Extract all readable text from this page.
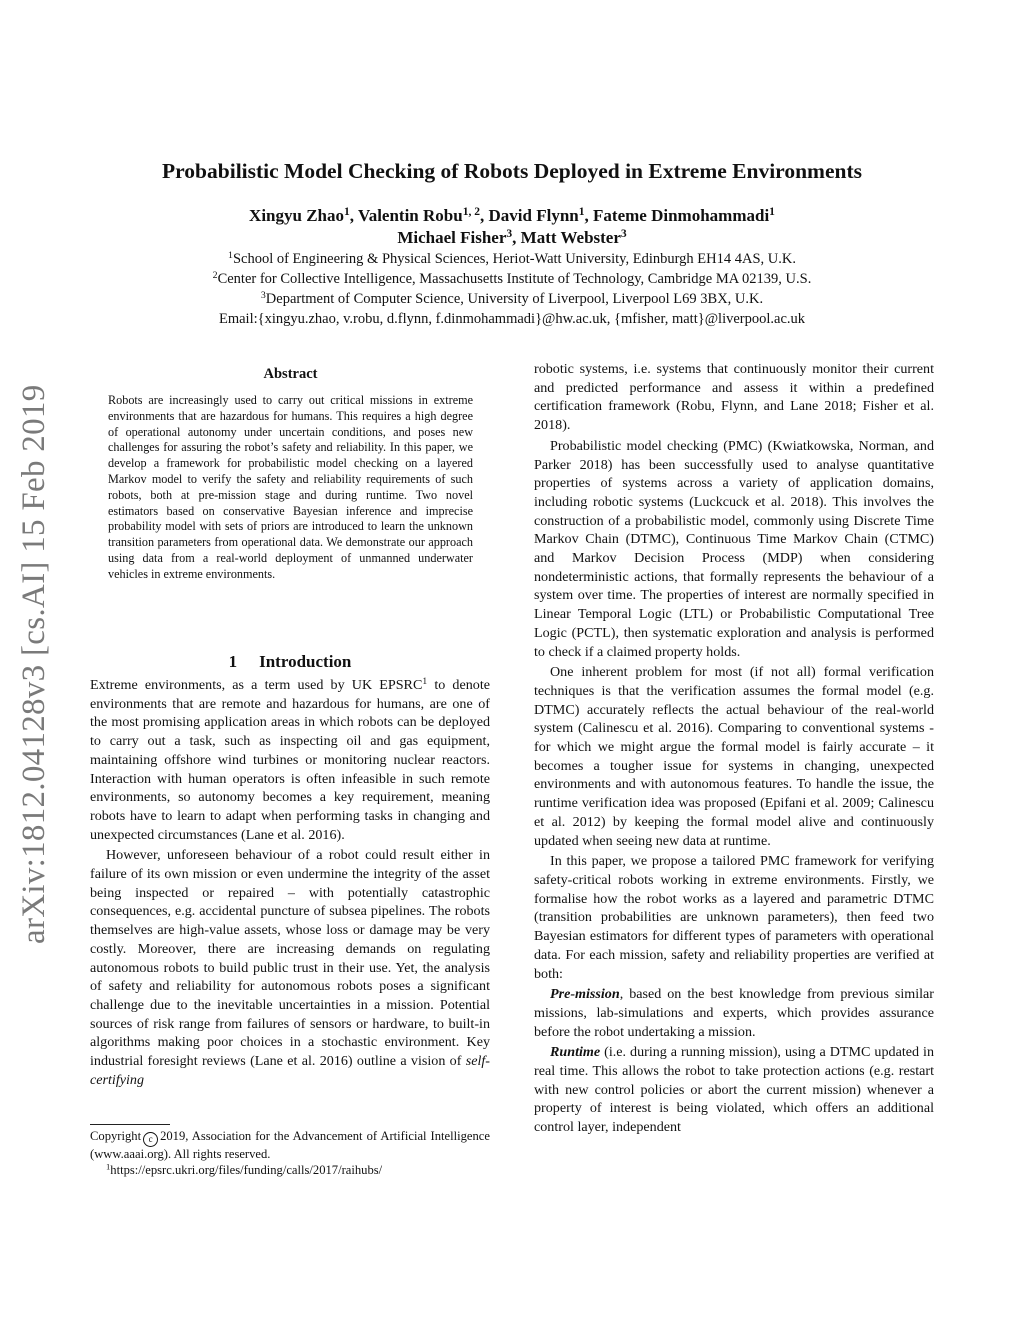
arXiv:1812.04128v3 [cs.AI] 15 Feb 2019
Probabilistic Model Checking of Robots Deployed in Extreme Environments
Xingyu Zhao$^1$, Valentin Robu$^{1, 2}$, David Flynn$^1$, Fateme Dinmohammadi$^1$
Michael Fisher$^3$, Matt Webster$^3$
$^1$School of Engineering & Physical Sciences, Heriot-Watt University, Edinburgh EH14 4AS, U.K.
$^2$Center for Collective Intelligence, Massachusetts Institute of Technology, Cambridge MA 02139, U.S.
$^3$Department of Computer Science, University of Liverpool, Liverpool L69 3BX, U.K.
Email:{xingyu.zhao, v.robu, d.flynn, f.dinmohammadi}@hw.ac.uk, {mfisher, matt}@liverpool.ac.uk
Abstract
Robots are increasingly used to carry out critical missions in extreme environments that are hazardous for humans. This requires a high degree of operational autonomy under uncertain conditions, and poses new challenges for assuring the robot’s safety and reliability. In this paper, we develop a framework for probabilistic model checking on a layered Markov model to verify the safety and reliability requirements of such robots, both at pre-mission stage and during runtime. Two novel estimators based on conservative Bayesian inference and imprecise probability model with sets of priors are introduced to learn the unknown transition parameters from operational data. We demonstrate our approach using data from a real-world deployment of unmanned underwater vehicles in extreme environments.
1 Introduction

Extreme environments, as a term used by UK EPSRC$^1$ to denote environments that are remote and hazardous for humans, are one of the most promising application areas in which robots can be deployed to carry out a task, such as inspecting oil and gas equipment, maintaining offshore wind turbines or monitoring nuclear reactors. Interaction with human operators is often infeasible in such remote environments, so autonomy becomes a key requirement, meaning robots have to learn to adapt when performing tasks in changing and unexpected circumstances (Lane et al. 2016).

However, unforeseen behaviour of a robot could result either in failure of its own mission or even undermine the integrity of the asset being inspected or repaired – with potentially catastrophic consequences, e.g. accidental puncture of subsea pipelines. The robots themselves are high-value assets, whose loss or damage may be very costly. Moreover, there are increasing demands on regulating autonomous robots to build public trust in their use. Yet, the analysis of safety and reliability for autonomous robots poses a significant challenge due to the inevitable uncertainties in a mission. Potential sources of risk range from failures of sensors or hardware, to built-in algorithms making poor choices in a stochastic environment. Key industrial foresight reviews (Lane et al. 2016) outline a vision of self-certifying

Copyright c 2019, Association for the Advancement of Artificial Intelligence (www.aaai.org). All rights reserved.
$^1$https://epsrc.ukri.org/files/funding/calls/2017/raihubs/

robotic systems, i.e. systems that continuously monitor their current and predicted performance and assess it within a predefined certification framework (Robu, Flynn, and Lane 2018; Fisher et al. 2018).

Probabilistic model checking (PMC) (Kwiatkowska, Norman, and Parker 2018) has been successfully used to analyse quantitative properties of systems across a variety of application domains, including robotic systems (Luckcuck et al. 2018). This involves the construction of a probabilistic model, commonly using Discrete Time Markov Chain (DTMC), Continuous Time Markov Chain (CTMC) and Markov Decision Process (MDP) when considering nondeterministic actions, that formally represents the behaviour of a system over time. The properties of interest are normally specified in Linear Temporal Logic (LTL) or Probabilistic Computational Tree Logic (PCTL), then systematic exploration and analysis is performed to check if a claimed property holds.

One inherent problem for most (if not all) formal verification techniques is that the verification assumes the formal model (e.g. DTMC) accurately reflects the actual behaviour of the real-world system (Calinescu et al. 2016). Comparing to conventional systems - for which we might argue the formal model is fairly accurate – it becomes a tougher issue for systems in changing, unexpected environments and with autonomous features. To handle the issue, the runtime verification idea was proposed (Epifani et al. 2009; Calinescu et al. 2012) by keeping the formal model alive and continuously updated when seeing new data at runtime.

In this paper, we propose a tailored PMC framework for verifying safety-critical robots working in extreme environments. Firstly, we formalise how the robot works as a layered and parametric DTMC (transition probabilities are unknown parameters), then feed two Bayesian estimators for different types of parameters with operational data. For each mission, safety and reliability properties are verified at both:

Pre-mission, based on the best knowledge from previous similar missions, lab-simulations and experts, which provides assurance before the robot undertaking a mission.

Runtime (i.e. during a running mission), using a DTMC updated in real time. This allows the robot to take protection actions (e.g. restart with new control policies or abort the current mission) whenever a property of interest is being violated, which offers an additional control layer, independent
